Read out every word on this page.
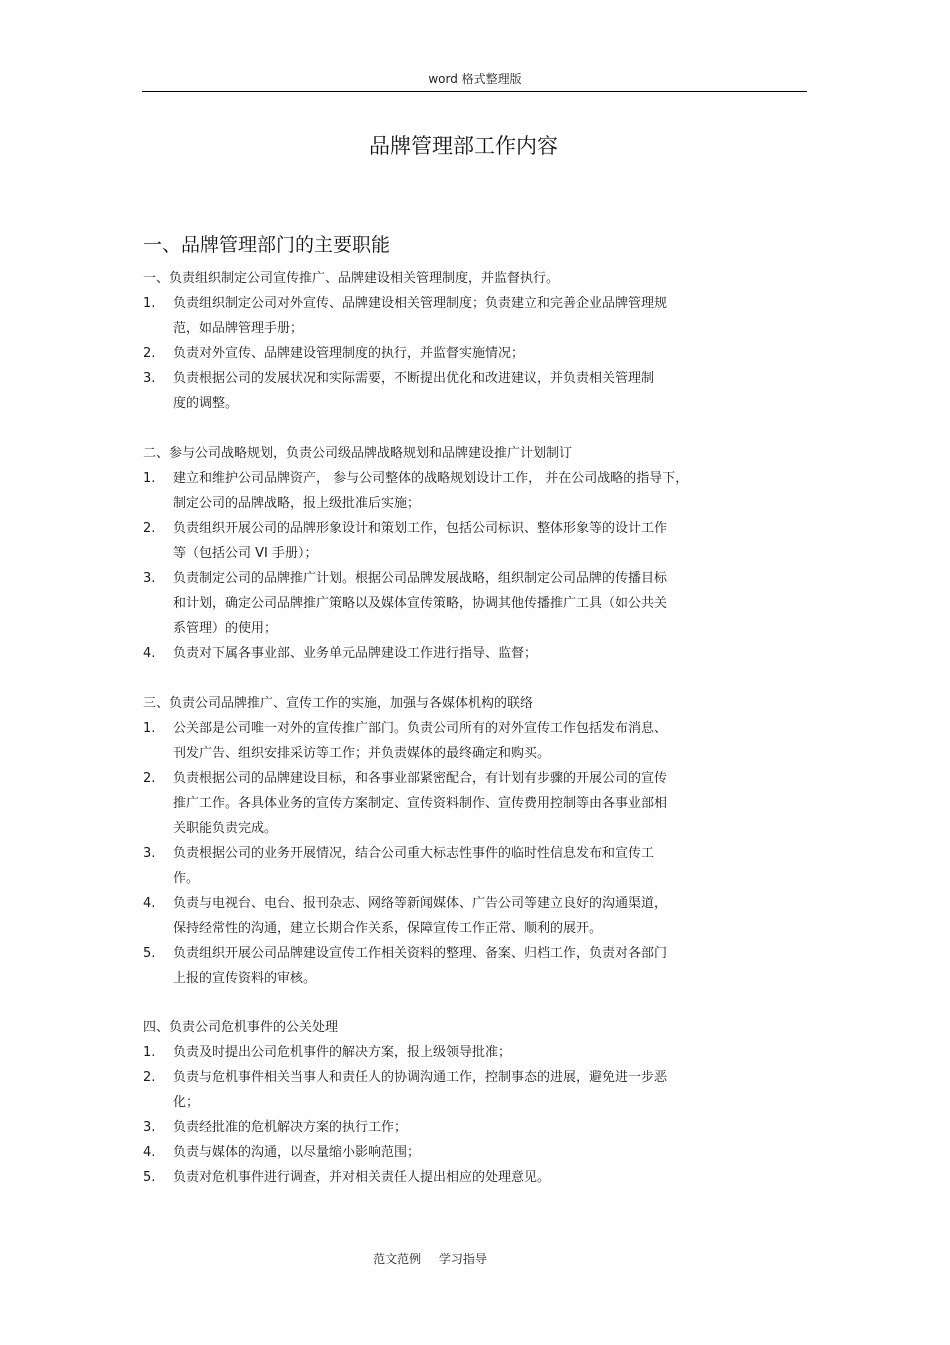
word 格式整理版
品牌管理部工作内容
一、品牌管理部门的主要职能
一、负责组织制定公司宣传推广、品牌建设相关管理制度，并监督执行。
1.	负责组织制定公司对外宣传、品牌建设相关管理制度；负责建立和完善企业品牌管理规
范，如品牌管理手册；
2.	负责对外宣传、品牌建设管理制度的执行，并监督实施情况；
3.	负责根据公司的发展状况和实际需要，不断提出优化和改进建议，并负责相关管理制
度的调整。
二、参与公司战略规划，负责公司级品牌战略规划和品牌建设推广计划制订
1.	建立和维护公司品牌资产， 参与公司整体的战略规划设计工作， 并在公司战略的指导下，
制定公司的品牌战略，报上级批准后实施；
2.	负责组织开展公司的品牌形象设计和策划工作，包括公司标识、整体形象等的设计工作
等（包括公司 VI 手册）；
3.	负责制定公司的品牌推广计划。根据公司品牌发展战略，组织制定公司品牌的传播目标
和计划，确定公司品牌推广策略以及媒体宣传策略，协调其他传播推广工具（如公共关
系管理）的使用；
4.	负责对下属各事业部、业务单元品牌建设工作进行指导、监督；
三、负责公司品牌推广、宣传工作的实施，加强与各媒体机构的联络
1.	公关部是公司唯一对外的宣传推广部门。负责公司所有的对外宣传工作包括发布消息、
刊发广告、组织安排采访等工作；并负责媒体的最终确定和购买。
2.	负责根据公司的品牌建设目标，和各事业部紧密配合，有计划有步骤的开展公司的宣传
推广工作。各具体业务的宣传方案制定、宣传资料制作、宣传费用控制等由各事业部相
关职能负责完成。
3.	负责根据公司的业务开展情况，结合公司重大标志性事件的临时性信息发布和宣传工
作。
4.	负责与电视台、电台、报刊杂志、网络等新闻媒体、广告公司等建立良好的沟通渠道，
保持经常性的沟通，建立长期合作关系，保障宣传工作正常、顺利的展开。
5.	负责组织开展公司品牌建设宣传工作相关资料的整理、备案、归档工作，负责对各部门
上报的宣传资料的审核。
四、负责公司危机事件的公关处理
1.	负责及时提出公司危机事件的解决方案，报上级领导批准；
2.	负责与危机事件相关当事人和责任人的协调沟通工作，控制事态的进展，避免进一步恶
化；
3.	负责经批准的危机解决方案的执行工作；
4.	负责与媒体的沟通，以尽量缩小影响范围；
5.	负责对危机事件进行调查，并对相关责任人提出相应的处理意见。
范文范例 学习指导
